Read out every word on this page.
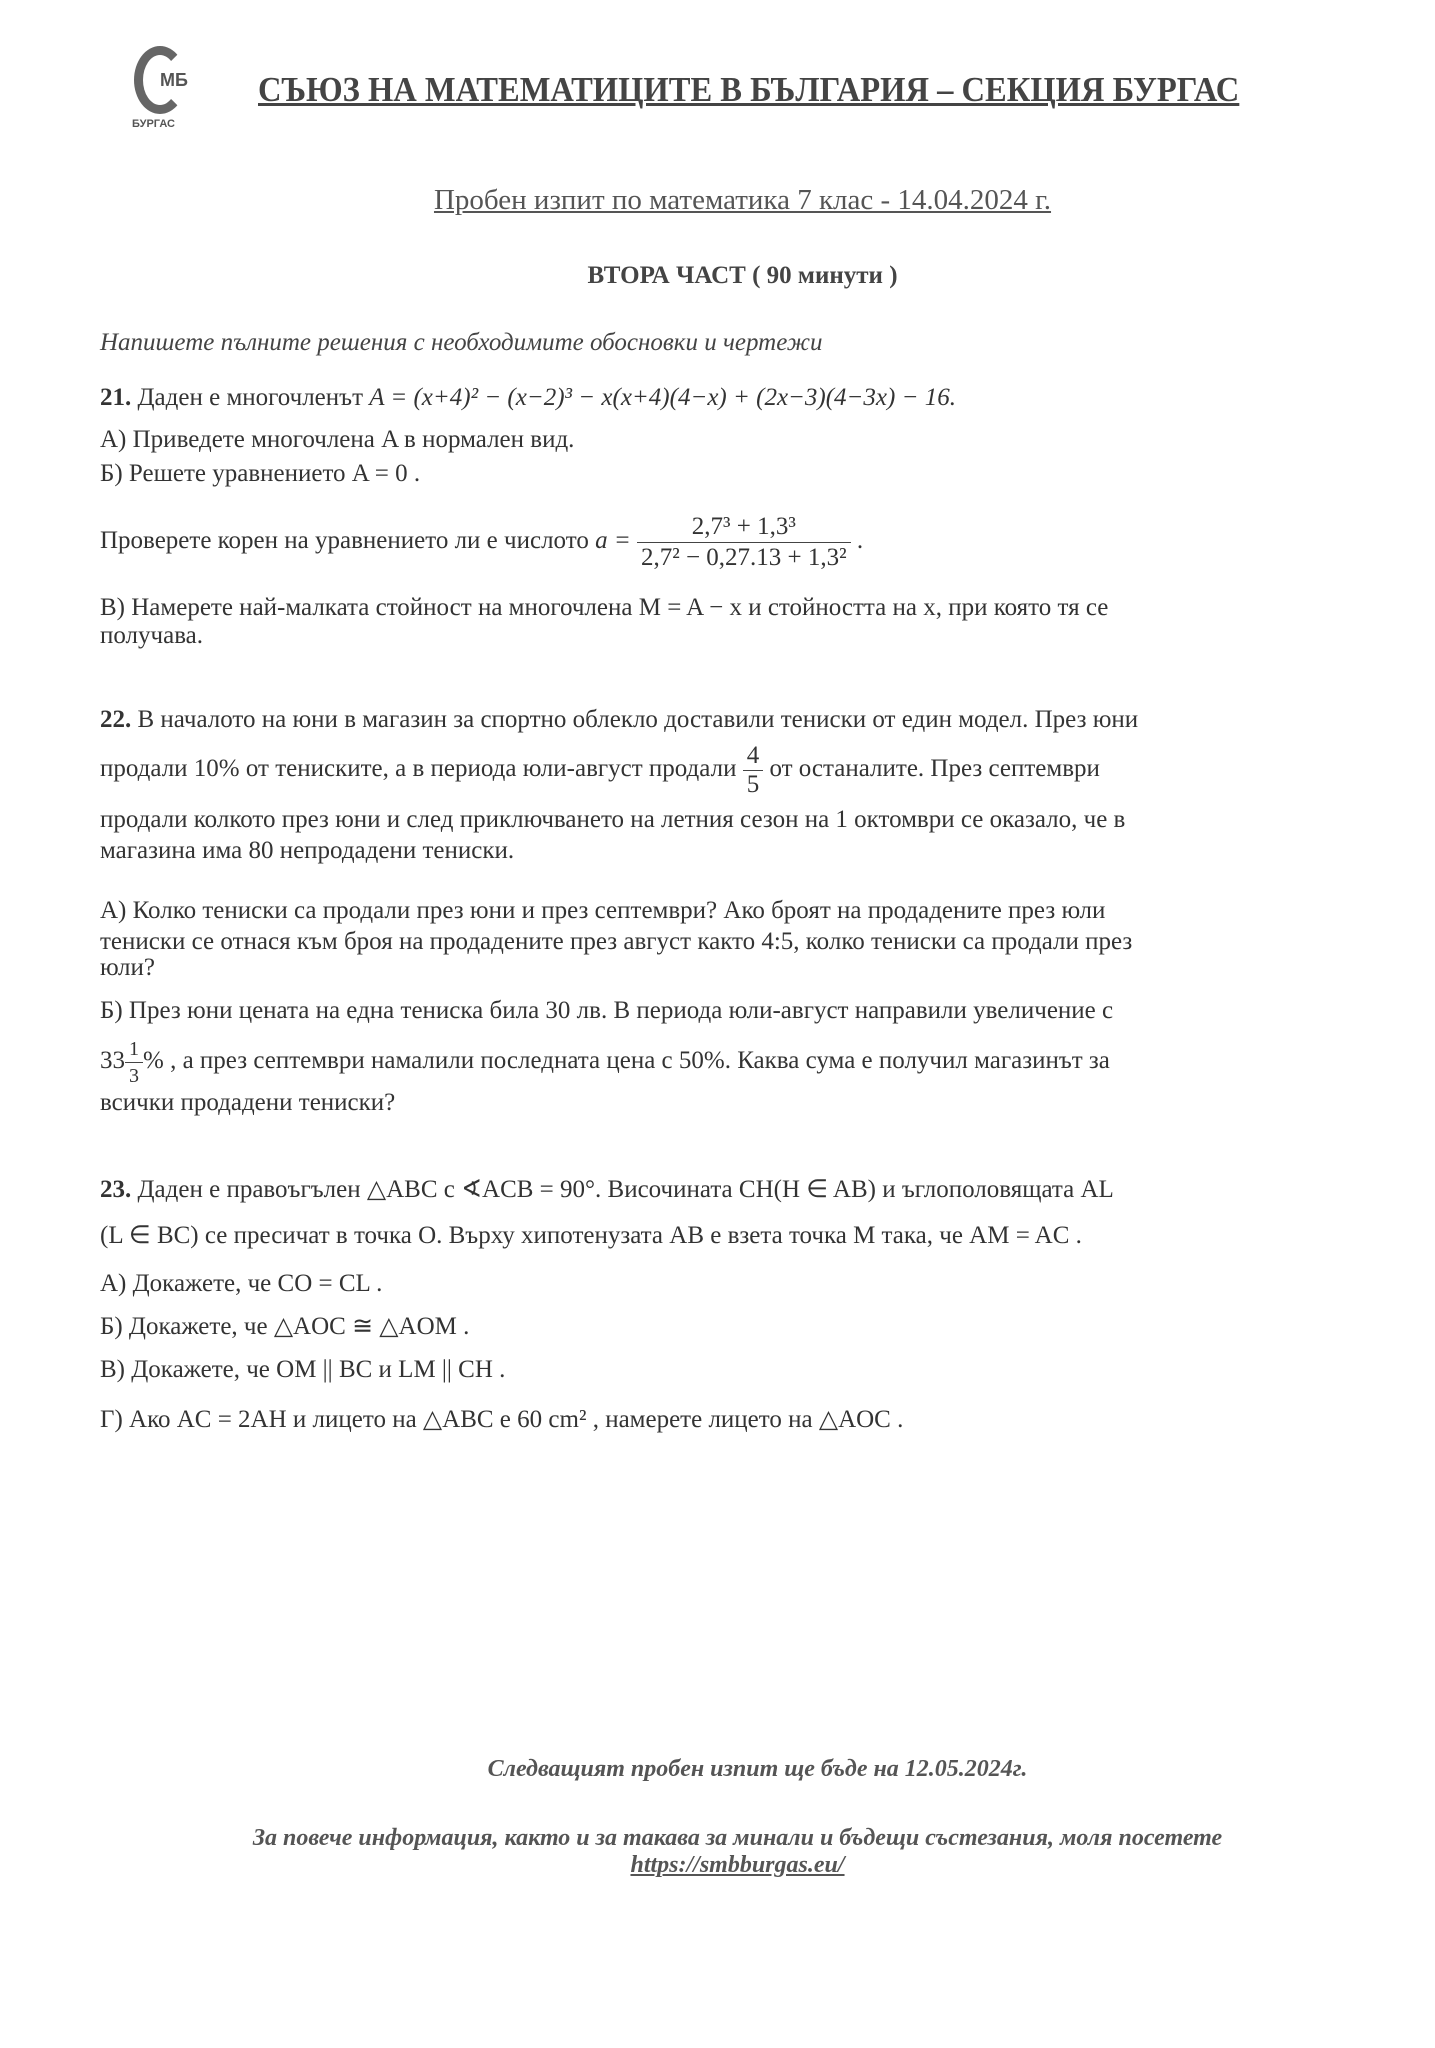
МБ
БУРГАС
СЪЮЗ НА МАТЕМАТИЦИТЕ В БЪЛГАРИЯ – СЕКЦИЯ БУРГАС
Пробен изпит по математика 7 клас - 14.04.2024 г.
ВТОРА ЧАСТ ( 90 минути )
Напишете пълните решения с необходимите обосновки и чертежи
21. Даден е многочленът A = (x+4)² − (x−2)³ − x(x+4)(4−x) + (2x−3)(4−3x) − 16.
А) Приведете многочлена A в нормален вид.
Б) Решете уравнението A = 0 .
Проверете корен на уравнението ли е числото $a = \frac{\text{2,7³ + 1,3³}}{\text{2,7² − 0,27.13 + 1,3²}}$ .
В) Намерете най-малката стойност на многочлена M = A − x и стойността на x, при която тя се
получава.
22. В началото на юни в магазин за спортно облекло доставили тениски от един модел. През юни
продали 10% от тениските, а в периода юли-август продали $\frac{4}{5}$ от останалите. През септември
продали колкото през юни и след приключването на летния сезон на 1 октомври се оказало, че в
магазина има 80 непродадени тениски.
А) Колко тениски са продали през юни и през септември? Ако броят на продадените през юли
тениски се отнася към броя на продадените през август както 4:5, колко тениски са продали през
юли?
Б) През юни цената на една тениска била 30 лв. В периода юли-август направили увеличение с
$33 \frac{1}{3}$ % , а през септември намалили последната цена с 50%. Каква сума е получил магазинът за
всички продадени тениски?
23. Даден е правоъгълен △ABC с ∢ACB = 90°. Височината CH(H ∈ AB) и ъглополовящата AL
(L ∈ BC) се пресичат в точка O. Върху хипотенузата AB е взета точка M така, че AM = AC .
А) Докажете, че CO = CL .
Б) Докажете, че △AOC ≅ △AOM .
В) Докажете, че OM || BC и LM || CH .
Г) Ако AC = 2AH и лицето на △ABC е 60 cm² , намерете лицето на △AOC .
Следващият пробен изпит ще бъде на 12.05.2024г.
За повече информация, както и за такава за минали и бъдещи състезания, моля посетете
https://smbburgas.eu/
